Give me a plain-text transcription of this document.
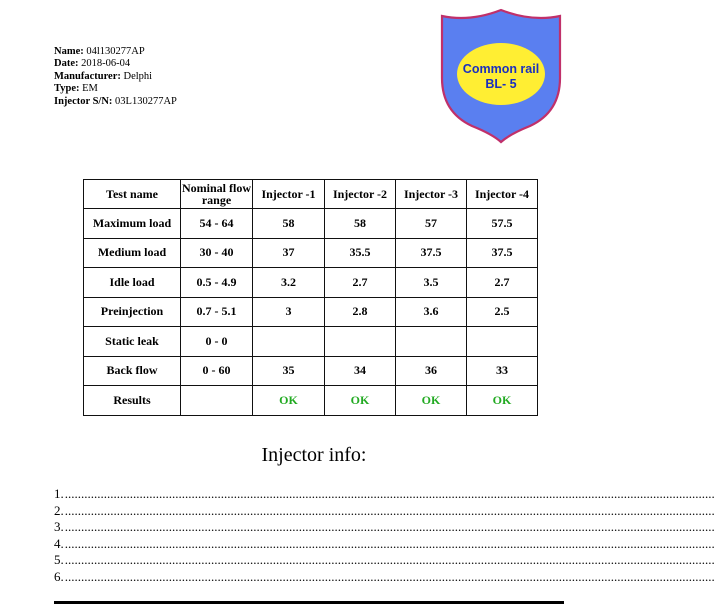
Name: 04l130277AP
Date: 2018-06-04
Manufacturer: Delphi
Type: EM
Injector S/N: 03L130277AP
Common rail
BL- 5
Test name	Nominal flow range	Injector -1	Injector -2	Injector -3	Injector -4
Maximum load	54 - 64	58	58	57	57.5
Medium load	30 - 40	37	35.5	37.5	37.5
Idle load	0.5 - 4.9	3.2	2.7	3.5	2.7
Preinjection	0.7 - 5.1	3	2.8	3.6	2.5
Static leak	0 - 0				
Back flow	0 - 60	35	34	36	33
Results		OK	OK	OK	OK
Injector info:
1. ........................................................................................................................................................................................................
2. ........................................................................................................................................................................................................
3. ........................................................................................................................................................................................................
4. ........................................................................................................................................................................................................
5. ........................................................................................................................................................................................................
6. ........................................................................................................................................................................................................
